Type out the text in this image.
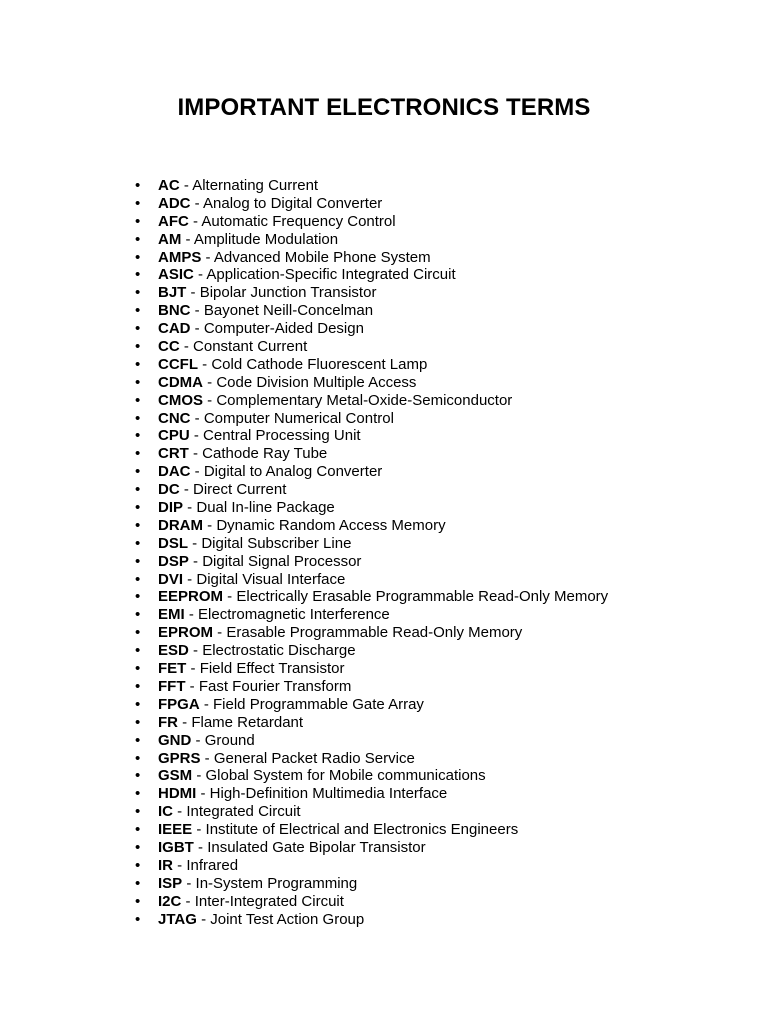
IMPORTANT ELECTRONICS TERMS
• AC - Alternating Current
• ADC - Analog to Digital Converter
• AFC - Automatic Frequency Control
• AM - Amplitude Modulation
• AMPS - Advanced Mobile Phone System
• ASIC - Application-Specific Integrated Circuit
• BJT - Bipolar Junction Transistor
• BNC - Bayonet Neill-Concelman
• CAD - Computer-Aided Design
• CC - Constant Current
• CCFL - Cold Cathode Fluorescent Lamp
• CDMA - Code Division Multiple Access
• CMOS - Complementary Metal-Oxide-Semiconductor
• CNC - Computer Numerical Control
• CPU - Central Processing Unit
• CRT - Cathode Ray Tube
• DAC - Digital to Analog Converter
• DC - Direct Current
• DIP - Dual In-line Package
• DRAM - Dynamic Random Access Memory
• DSL - Digital Subscriber Line
• DSP - Digital Signal Processor
• DVI - Digital Visual Interface
• EEPROM - Electrically Erasable Programmable Read-Only Memory
• EMI - Electromagnetic Interference
• EPROM - Erasable Programmable Read-Only Memory
• ESD - Electrostatic Discharge
• FET - Field Effect Transistor
• FFT - Fast Fourier Transform
• FPGA - Field Programmable Gate Array
• FR - Flame Retardant
• GND - Ground
• GPRS - General Packet Radio Service
• GSM - Global System for Mobile communications
• HDMI - High-Definition Multimedia Interface
• IC - Integrated Circuit
• IEEE - Institute of Electrical and Electronics Engineers
• IGBT - Insulated Gate Bipolar Transistor
• IR - Infrared
• ISP - In-System Programming
• I2C - Inter-Integrated Circuit
• JTAG - Joint Test Action Group
